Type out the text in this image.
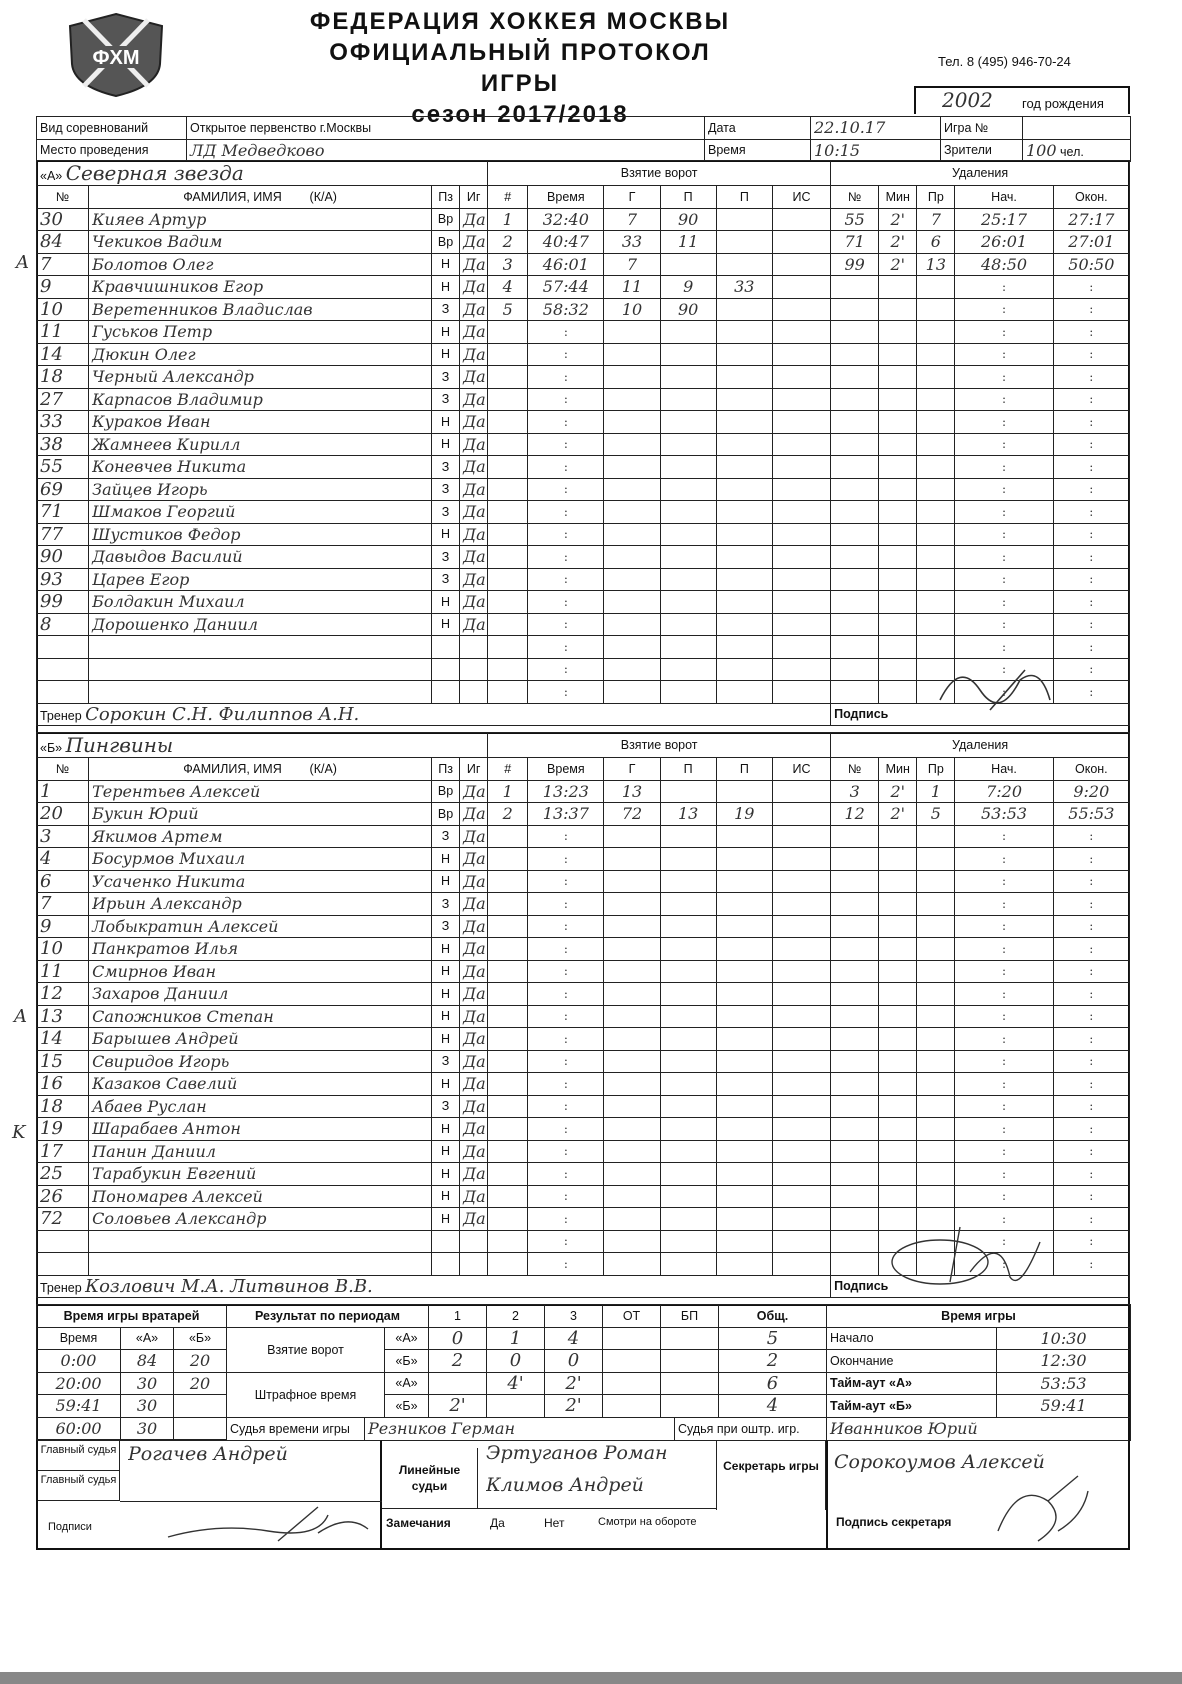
ФХМ
ФЕДЕРАЦИЯ ХОККЕЯ МОСКВЫ
ОФИЦИАЛЬНЫЙ ПРОТОКОЛ ИГРЫ
сезон 2017/2018
Тел. 8 (495) 946-70-24
2002 год рождения
Вид соревнований	Открытое первенство г.Москвы	Дата	22.10.17	Игра №	
Место проведения	ЛД Медведково	Время	10:15	Зрители	100 чел.
«А» Северная звезда				Взятие ворот						Удаления				
№	ФАМИЛИЯ, ИМЯ (К/А)	Пз	Иг	#	Время	Г	П	П	ИС	№	Мин	Пр	Нач.	Окон.
30	Кияев Артур	Вр	Да	1	32:40	7	90			55	2'	7	25:17	27:17
84	Чекиков Вадим	Вр	Да	2	40:47	33	11			71	2'	6	26:01	27:01
7	Болотов Олег	Н	Да	3	46:01	7				99	2'	13	48:50	50:50
9	Кравчишников Егор	Н	Да	4	57:44	11	9	33					:	:
10	Веретенников Владислав	З	Да	5	58:32	10	90						:	:
11	Гуськов Петр	Н	Да		:								:	:
14	Дюкин Олег	Н	Да		:								:	:
18	Черный Александр	З	Да		:								:	:
27	Карпасов Владимир	З	Да		:								:	:
33	Кураков Иван	Н	Да		:								:	:
38	Жамнеев Кирилл	Н	Да		:								:	:
55	Коневчев Никита	З	Да		:								:	:
69	Зайцев Игорь	З	Да		:								:	:
71	Шмаков Георгий	З	Да		:								:	:
77	Шустиков Федор	Н	Да		:								:	:
90	Давыдов Василий	З	Да		:								:	:
93	Царев Егор	З	Да		:								:	:
99	Болдакин Михаил	Н	Да		:								:	:
8	Дорошенко Даниил	Н	Да		:								:	:
					:								:	:
					:								:	:
					:								:	:
Тренер Сорокин С.Н. Филиппов А.Н.										Подпись				
«Б» Пингвины				Взятие ворот						Удаления				
№	ФАМИЛИЯ, ИМЯ (К/А)	Пз	Иг	#	Время	Г	П	П	ИС	№	Мин	Пр	Нач.	Окон.
1	Терентьев Алексей	Вр	Да	1	13:23	13				3	2'	1	7:20	9:20
20	Букин Юрий	Вр	Да	2	13:37	72	13	19		12	2'	5	53:53	55:53
3	Якимов Артем	З	Да		:								:	:
4	Босурмов Михаил	Н	Да		:								:	:
6	Усаченко Никита	Н	Да		:								:	:
7	Ирьин Александр	З	Да		:								:	:
9	Лобыкратин Алексей	З	Да		:								:	:
10	Панкратов Илья	Н	Да		:								:	:
11	Смирнов Иван	Н	Да		:								:	:
12	Захаров Даниил	Н	Да		:								:	:
13	Сапожников Степан	Н	Да		:								:	:
14	Барышев Андрей	Н	Да		:								:	:
15	Свиридов Игорь	З	Да		:								:	:
16	Казаков Савелий	Н	Да		:								:	:
18	Абаев Руслан	З	Да		:								:	:
19	Шарабаев Антон	Н	Да		:								:	:
17	Панин Даниил	Н	Да		:								:	:
25	Тарабукин Евгений	Н	Да		:								:	:
26	Пономарев Алексей	Н	Да		:								:	:
72	Соловьев Александр	Н	Да		:								:	:
					:								:	:
					:								:	:
Тренер Козлович М.А. Литвинов В.В.										Подпись				
A
A
K
Время игры вратарей		
Время	«А»	«Б»
0:00	84	20
20:00	30	20
59:41	30	
60:00	30	
Результат по периодам		1	2	3	ОТ	БП	Общ.
Взятие ворот	«А»	0	1	4			5
	«Б»	2	0	0			2
Штрафное время	«А»		4'	2'			6
	«Б»	2'		2'			4
Время игры	
Начало	10:30
Окончание	12:30
Тайм-аут «А»	53:53
Тайм-аут «Б»	59:41
Судья времени игры	Резников Герман	Судья при оштр. игр.	Иванников Юрий
Главный судья Рогачев Андрей
Главный судья
Подписи
Линейные судьи
Эртуганов Роман
Климов Андрей
Замечания	Да	Нет	Смотри на обороте
Секретарь игры Сорокоумов Алексей
Подпись секретаря
